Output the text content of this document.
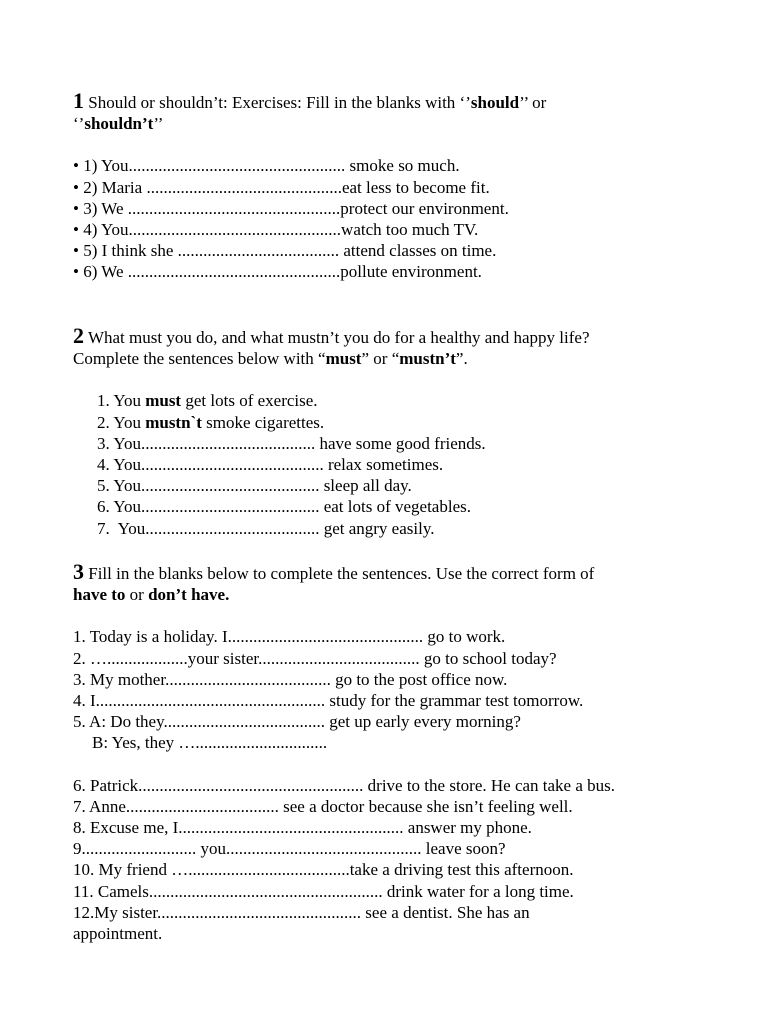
1 Should or shouldn’t: Exercises: Fill in the blanks with ‘’should’’ or
‘’shouldn’t’’
• 1) You................................................... smoke so much.
• 2) Maria ..............................................eat less to become fit.
• 3) We ..................................................protect our environment.
• 4) You..................................................watch too much TV.
• 5) I think she ...................................... attend classes on time.
• 6) We ..................................................pollute environment.
2 What must you do, and what mustn’t you do for a healthy and happy life?
Complete the sentences below with “must” or “mustn’t”.
1. You must get lots of exercise.
2. You mustn`t smoke cigarettes.
3. You......................................... have some good friends.
4. You........................................... relax sometimes.
5. You.......................................... sleep all day.
6. You.......................................... eat lots of vegetables.
7.  You......................................... get angry easily.
3 Fill in the blanks below to complete the sentences. Use the correct form of
have to or don’t have.
1. Today is a holiday. I.............................................. go to work.
2. …...................your sister...................................... go to school today?
3. My mother....................................... go to the post office now.
4. I...................................................... study for the grammar test tomorrow.
5. A: Do they...................................... get up early every morning?
B: Yes, they …...............................
6. Patrick..................................................... drive to the store. He can take a bus.
7. Anne.................................... see a doctor because she isn’t feeling well.
8. Excuse me, I..................................................... answer my phone.
9........................... you.............................................. leave soon?
10. My friend …......................................take a driving test this afternoon.
11. Camels....................................................... drink water for a long time.
12.My sister................................................ see a dentist. She has an
appointment.
